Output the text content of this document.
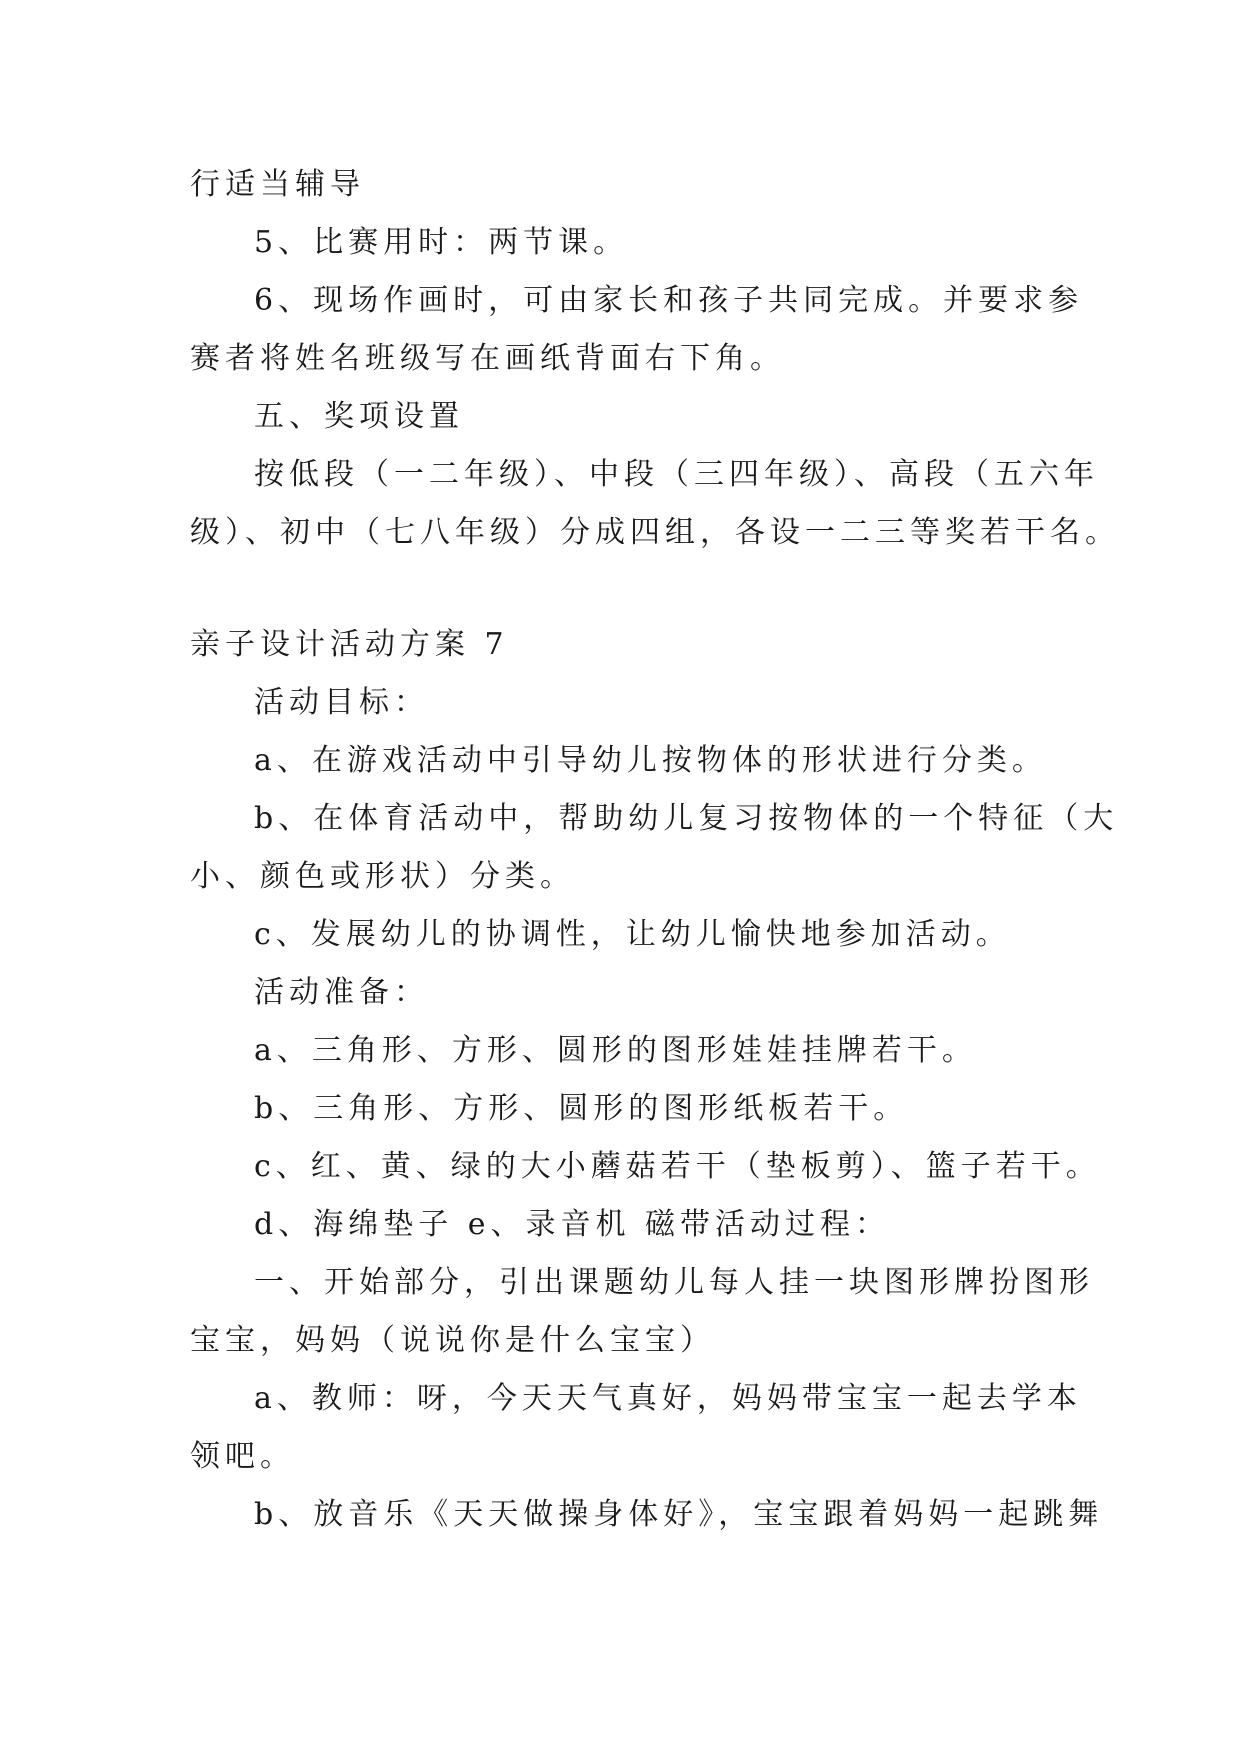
行适当辅导
5、比赛用时：两节课。
6、现场作画时，可由家长和孩子共同完成。并要求参
赛者将姓名班级写在画纸背面右下角。
五、奖项设置
按低段（一二年级）、中段（三四年级）、高段（五六年
级）、初中（七八年级）分成四组，各设一二三等奖若干名。
亲子设计活动方案 7
活动目标：
a、在游戏活动中引导幼儿按物体的形状进行分类。
b、在体育活动中，帮助幼儿复习按物体的一个特征（大
小、颜色或形状）分类。
c、发展幼儿的协调性，让幼儿愉快地参加活动。
活动准备：
a、三角形、方形、圆形的图形娃娃挂牌若干。
b、三角形、方形、圆形的图形纸板若干。
c、红、黄、绿的大小蘑菇若干（垫板剪）、篮子若干。
d、海绵垫子 e、录音机 磁带活动过程：
一、开始部分，引出课题幼儿每人挂一块图形牌扮图形
宝宝，妈妈（说说你是什么宝宝）
a、教师：呀，今天天气真好，妈妈带宝宝一起去学本
领吧。
b、放音乐《天天做操身体好》，宝宝跟着妈妈一起跳舞
